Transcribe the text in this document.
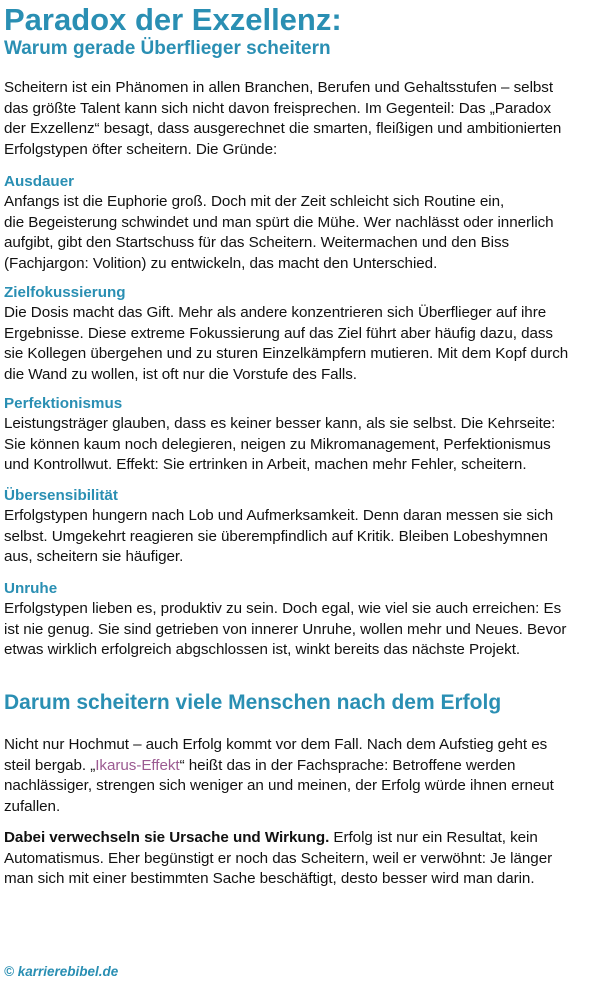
Paradox der Exzellenz:
Warum gerade Überflieger scheitern

Scheitern ist ein Phänomen in allen Branchen, Berufen und Gehaltsstufen – selbst
das größte Talent kann sich nicht davon freisprechen. Im Gegenteil: Das „Paradox
der Exzellenz“ besagt, dass ausgerechnet die smarten, fleißigen und ambitionierten
Erfolgstypen öfter scheitern. Die Gründe:

Ausdauer

Anfangs ist die Euphorie groß. Doch mit der Zeit schleicht sich Routine ein,
die Begeisterung schwindet und man spürt die Mühe. Wer nachlässt oder innerlich
aufgibt, gibt den Startschuss für das Scheitern. Weitermachen und den Biss
(Fachjargon: Volition) zu entwickeln, das macht den Unterschied.

Zielfokussierung

Die Dosis macht das Gift. Mehr als andere konzentrieren sich Überflieger auf ihre
Ergebnisse. Diese extreme Fokussierung auf das Ziel führt aber häufig dazu, dass
sie Kollegen übergehen und zu sturen Einzelkämpfern mutieren. Mit dem Kopf durch
die Wand zu wollen, ist oft nur die Vorstufe des Falls.

Perfektionismus

Leistungsträger glauben, dass es keiner besser kann, als sie selbst. Die Kehrseite:
Sie können kaum noch delegieren, neigen zu Mikromanagement, Perfektionismus
und Kontrollwut. Effekt: Sie ertrinken in Arbeit, machen mehr Fehler, scheitern.

Übersensibilität

Erfolgstypen hungern nach Lob und Aufmerksamkeit. Denn daran messen sie sich
selbst. Umgekehrt reagieren sie überempfindlich auf Kritik. Bleiben Lobeshymnen
aus, scheitern sie häufiger.

Unruhe

Erfolgstypen lieben es, produktiv zu sein. Doch egal, wie viel sie auch erreichen: Es
ist nie genug. Sie sind getrieben von innerer Unruhe, wollen mehr und Neues. Bevor
etwas wirklich erfolgreich abgschlossen ist, winkt bereits das nächste Projekt.

Darum scheitern viele Menschen nach dem Erfolg

Nicht nur Hochmut – auch Erfolg kommt vor dem Fall. Nach dem Aufstieg geht es
steil bergab. „Ikarus-Effekt“ heißt das in der Fachsprache: Betroffene werden
nachlässiger, strengen sich weniger an und meinen, der Erfolg würde ihnen erneut
zufallen.

Dabei verwechseln sie Ursache und Wirkung. Erfolg ist nur ein Resultat, kein
Automatismus. Eher begünstigt er noch das Scheitern, weil er verwöhnt: Je länger
man sich mit einer bestimmten Sache beschäftigt, desto besser wird man darin.

© karrierebibel.de
